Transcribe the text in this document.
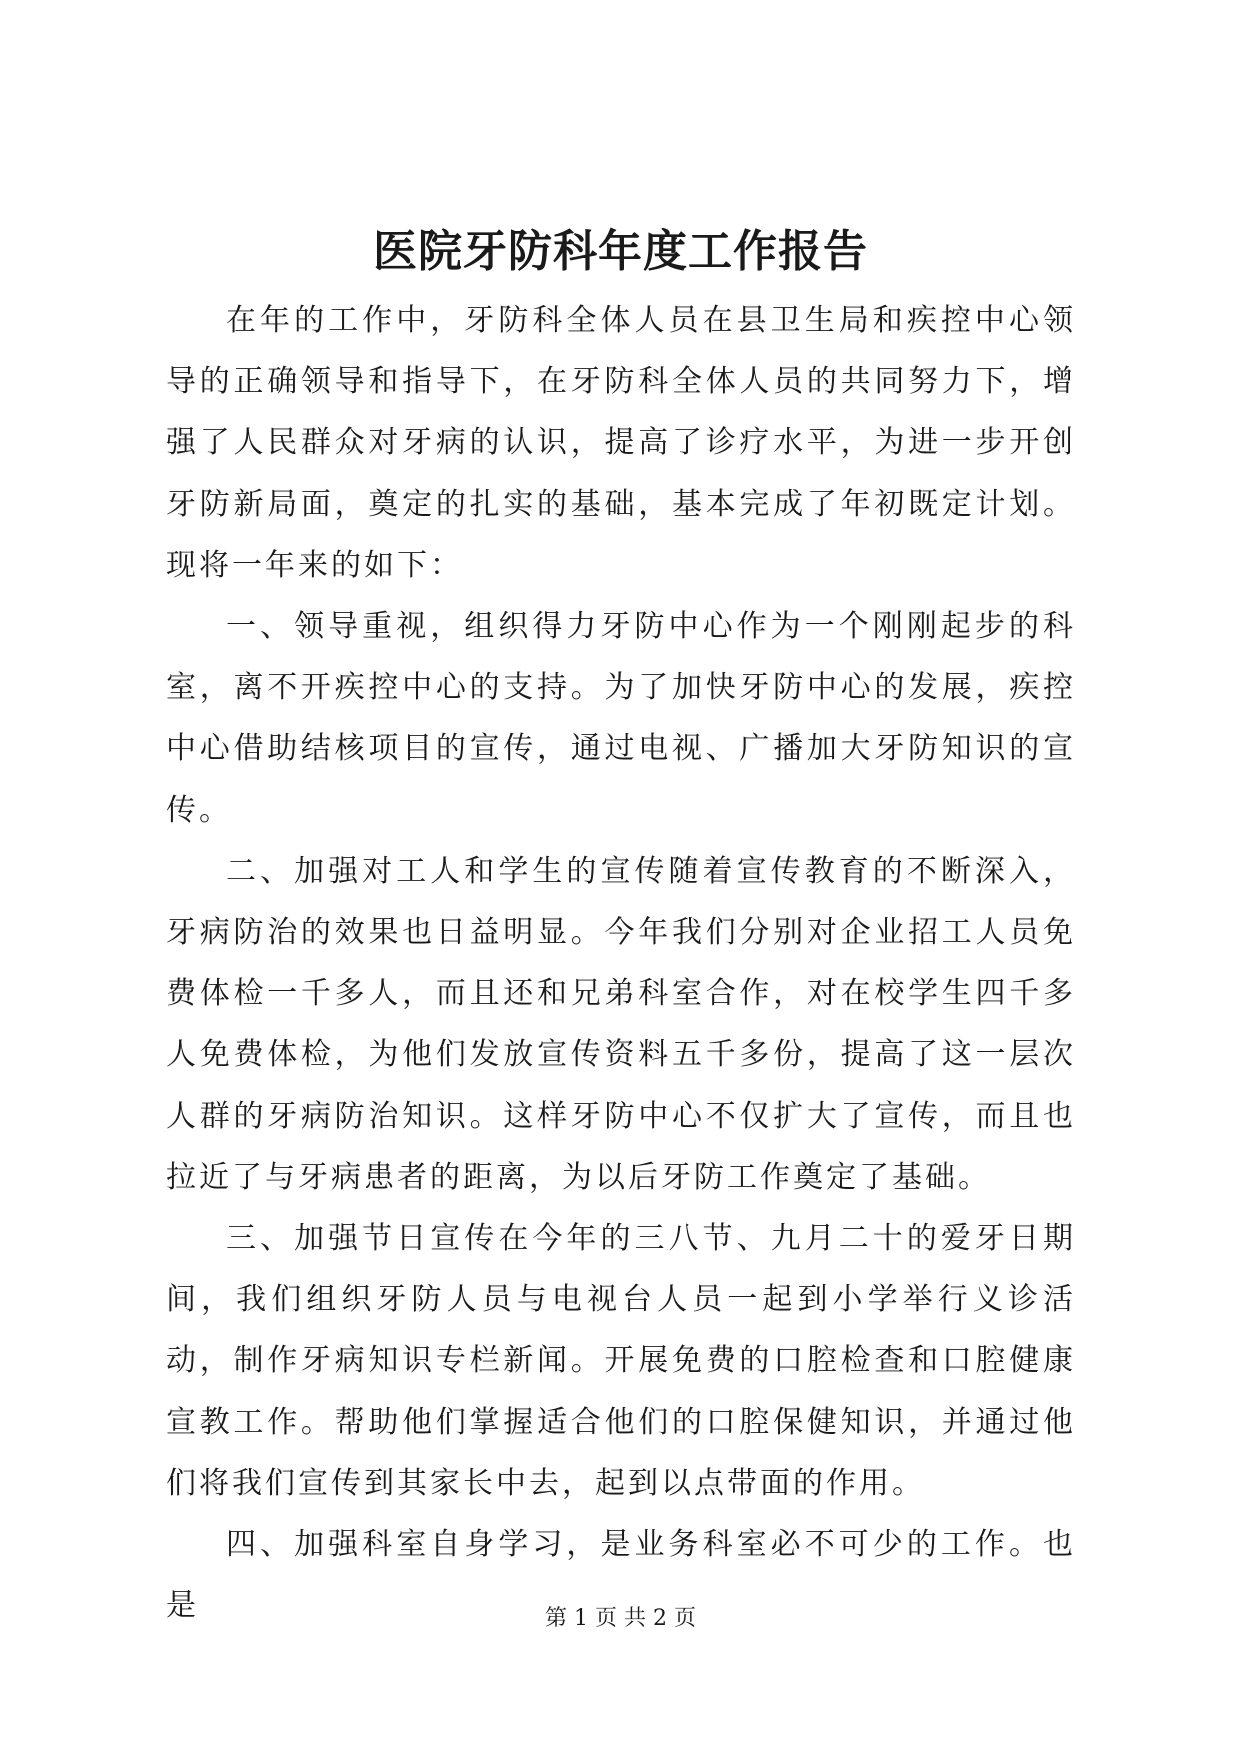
医院牙防科年度工作报告

在年的工作中，牙防科全体人员在县卫生局和疾控中心领导的正确领导和指导下，在牙防科全体人员的共同努力下，增强了人民群众对牙病的认识，提高了诊疗水平，为进一步开创牙防新局面，奠定的扎实的基础，基本完成了年初既定计划。现将一年来的如下：

一、领导重视，组织得力牙防中心作为一个刚刚起步的科室，离不开疾控中心的支持。为了加快牙防中心的发展，疾控中心借助结核项目的宣传，通过电视、广播加大牙防知识的宣传。

二、加强对工人和学生的宣传随着宣传教育的不断深入，牙病防治的效果也日益明显。今年我们分别对企业招工人员免费体检一千多人，而且还和兄弟科室合作，对在校学生四千多人免费体检，为他们发放宣传资料五千多份，提高了这一层次人群的牙病防治知识。这样牙防中心不仅扩大了宣传，而且也拉近了与牙病患者的距离，为以后牙防工作奠定了基础。

三、加强节日宣传在今年的三八节、九月二十的爱牙日期间，我们组织牙防人员与电视台人员一起到小学举行义诊活动，制作牙病知识专栏新闻。开展免费的口腔检查和口腔健康宣教工作。帮助他们掌握适合他们的口腔保健知识，并通过他们将我们宣传到其家长中去，起到以点带面的作用。

四、加强科室自身学习，是业务科室必不可少的工作。也是	第 1 页 共 2 页
